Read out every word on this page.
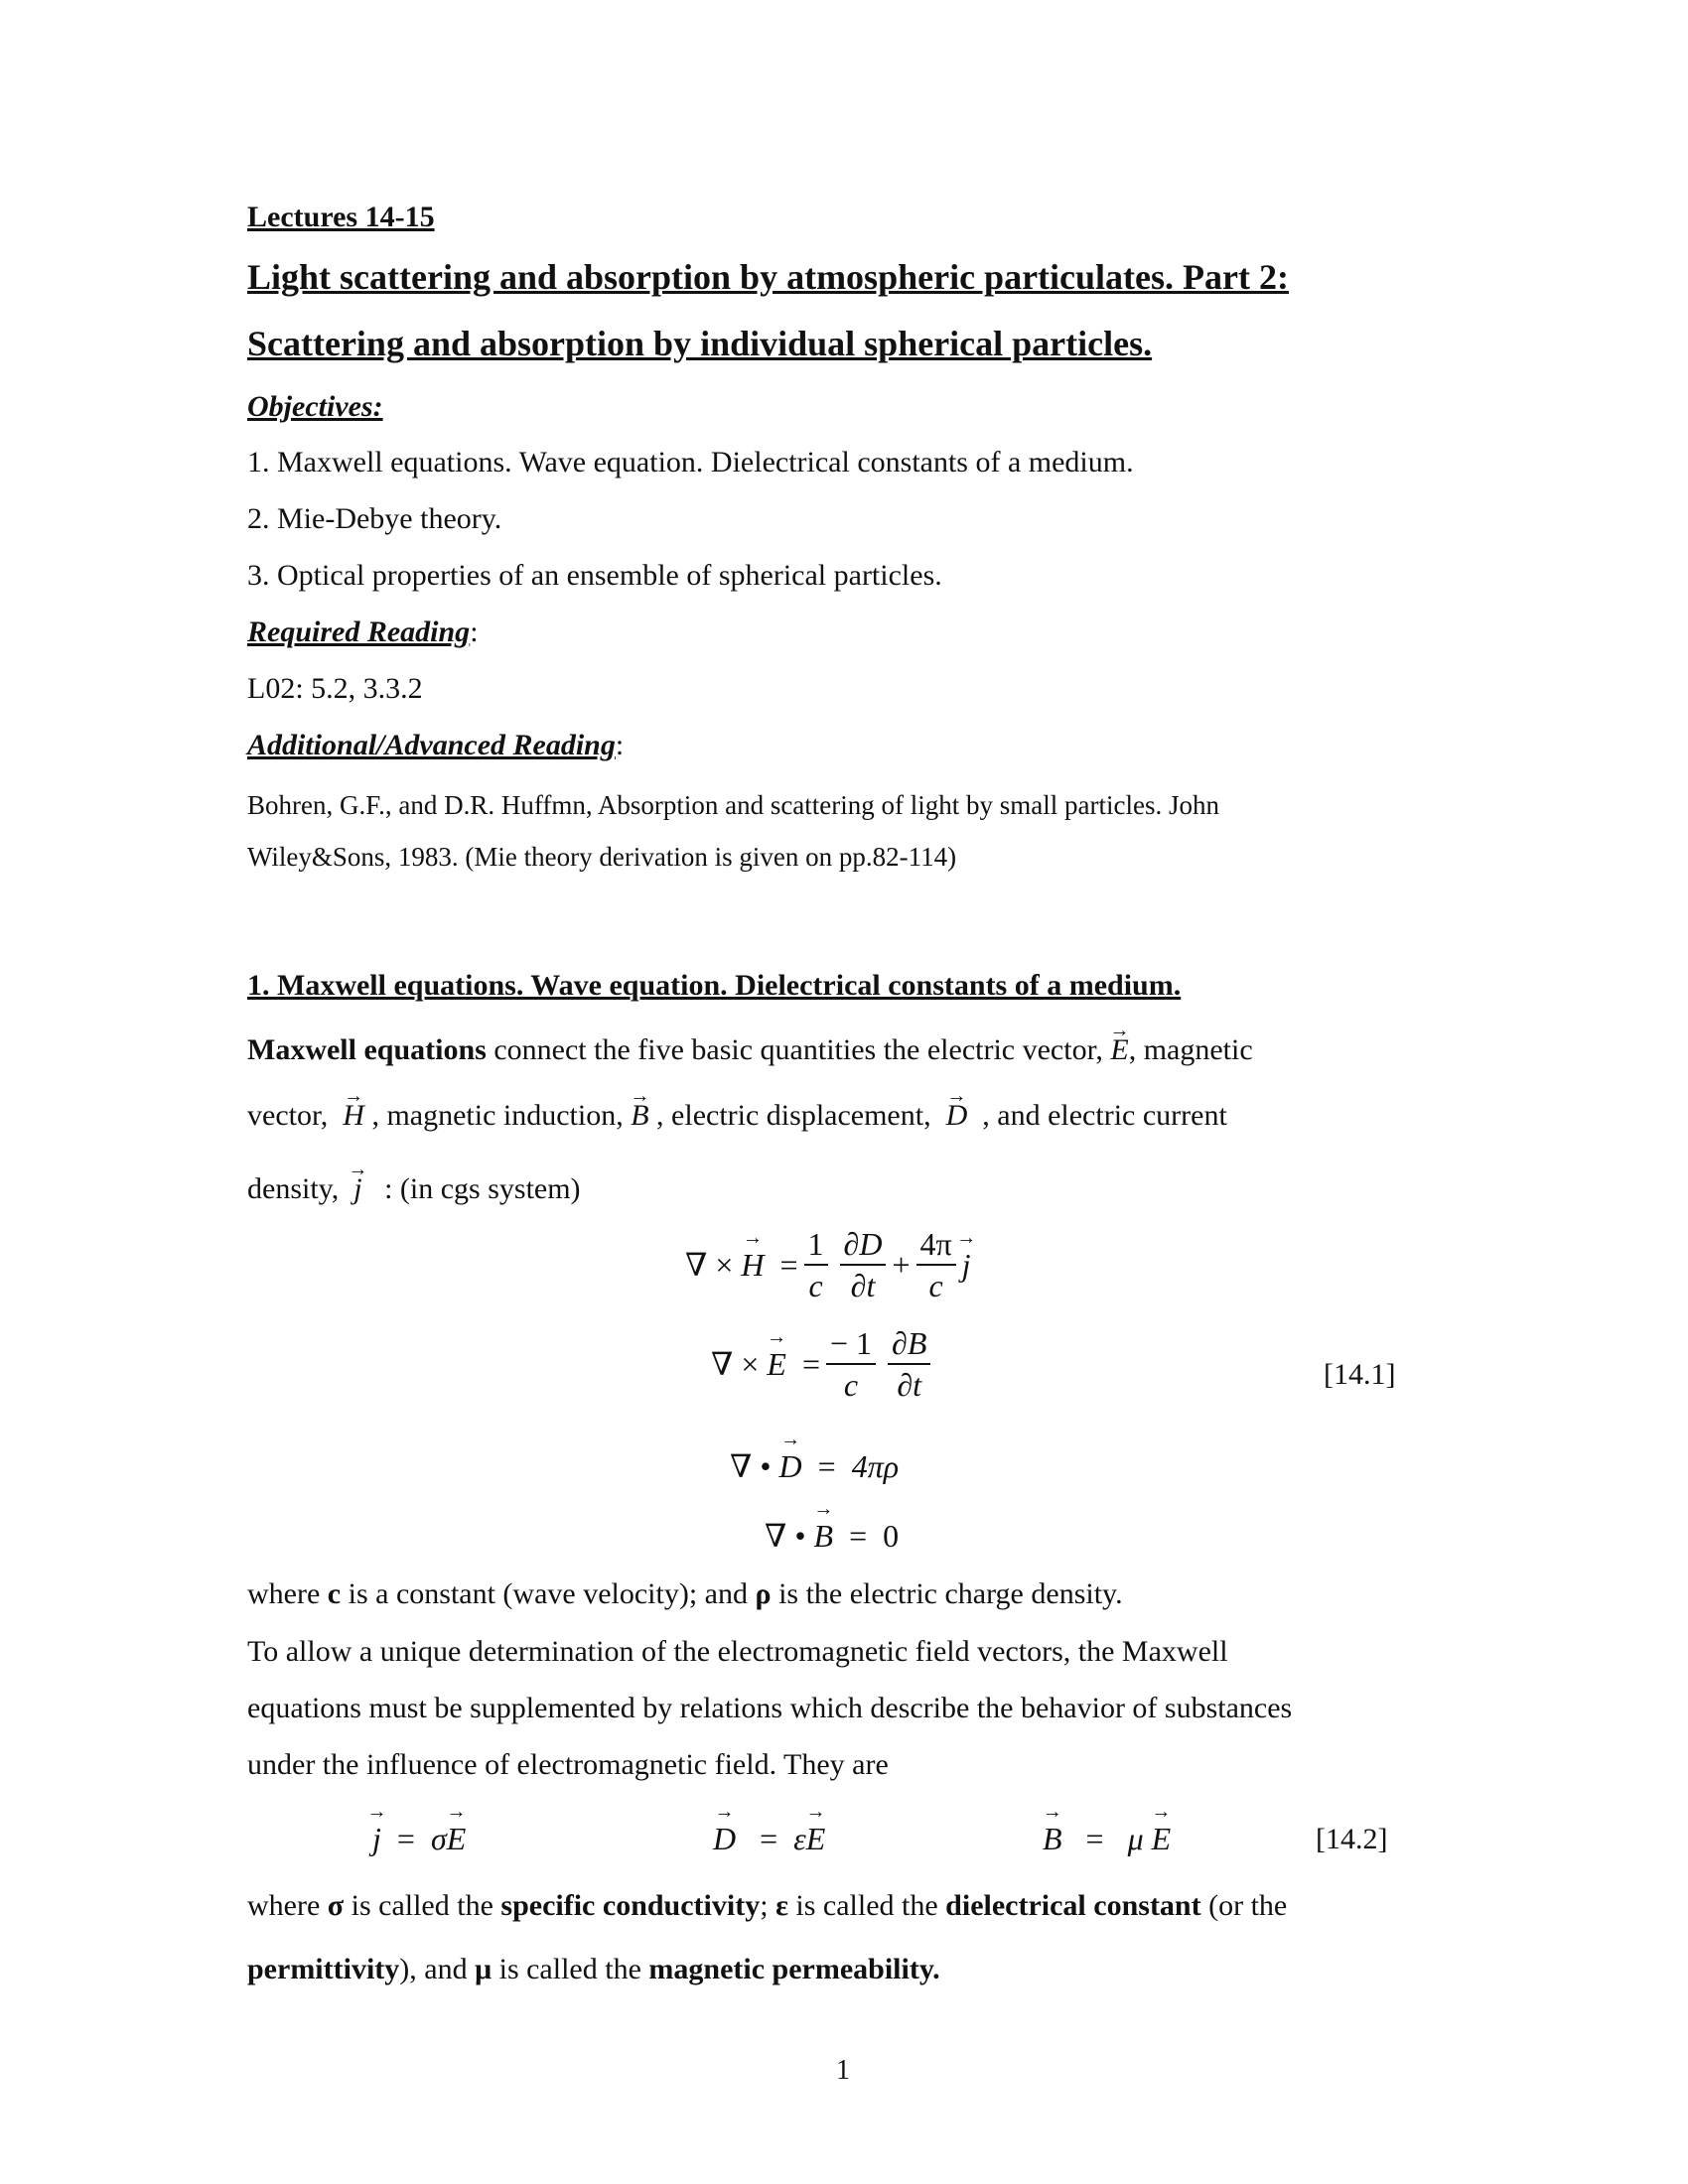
Lectures 14-15
Light scattering and absorption by atmospheric particulates. Part 2:
Scattering and absorption by individual spherical particles.
Objectives:
1. Maxwell equations. Wave equation. Dielectrical constants of a medium.
2. Mie-Debye theory.
3. Optical properties of an ensemble of spherical particles.
Required Reading:
L02: 5.2, 3.3.2
Additional/Advanced Reading:
Bohren, G.F., and D.R. Huffmn, Absorption and scattering of light by small particles. John
Wiley&Sons, 1983. (Mie theory derivation is given on pp.82-114)
1. Maxwell equations. Wave equation. Dielectrical constants of a medium.
Maxwell equations connect the five basic quantities the electric vector, → E, magnetic
vector,  → H , magnetic induction, → B , electric displacement,  → D , and electric current
density,  → j : (in cgs system)
∇
×

→ H
= $\frac{1}{c} \frac{\partial D}{\partial t} + \frac{4\pi}{c}$
→ j
∇
×

→ E
= $\frac{- 1}{c} \frac{\partial B}{\partial t}$	[14.1]
∇
•

→ D
=
4πρ
∇
•

→ B
=
0
where c is a constant (wave velocity); and ρ is the electric charge density.
To allow a unique determination of the electromagnetic field vectors, the Maxwell
equations must be supplemented by relations which describe the behavior of substances
under the influence of electromagnetic field. They are
→ j
=
σ
→ E
→	D
=
ε
→ E
→	B
=
μ

→ E	[14.2]
where σ is called the specific conductivity; ε is called the dielectrical constant (or the
permittivity), and μ is called the magnetic permeability.
1
